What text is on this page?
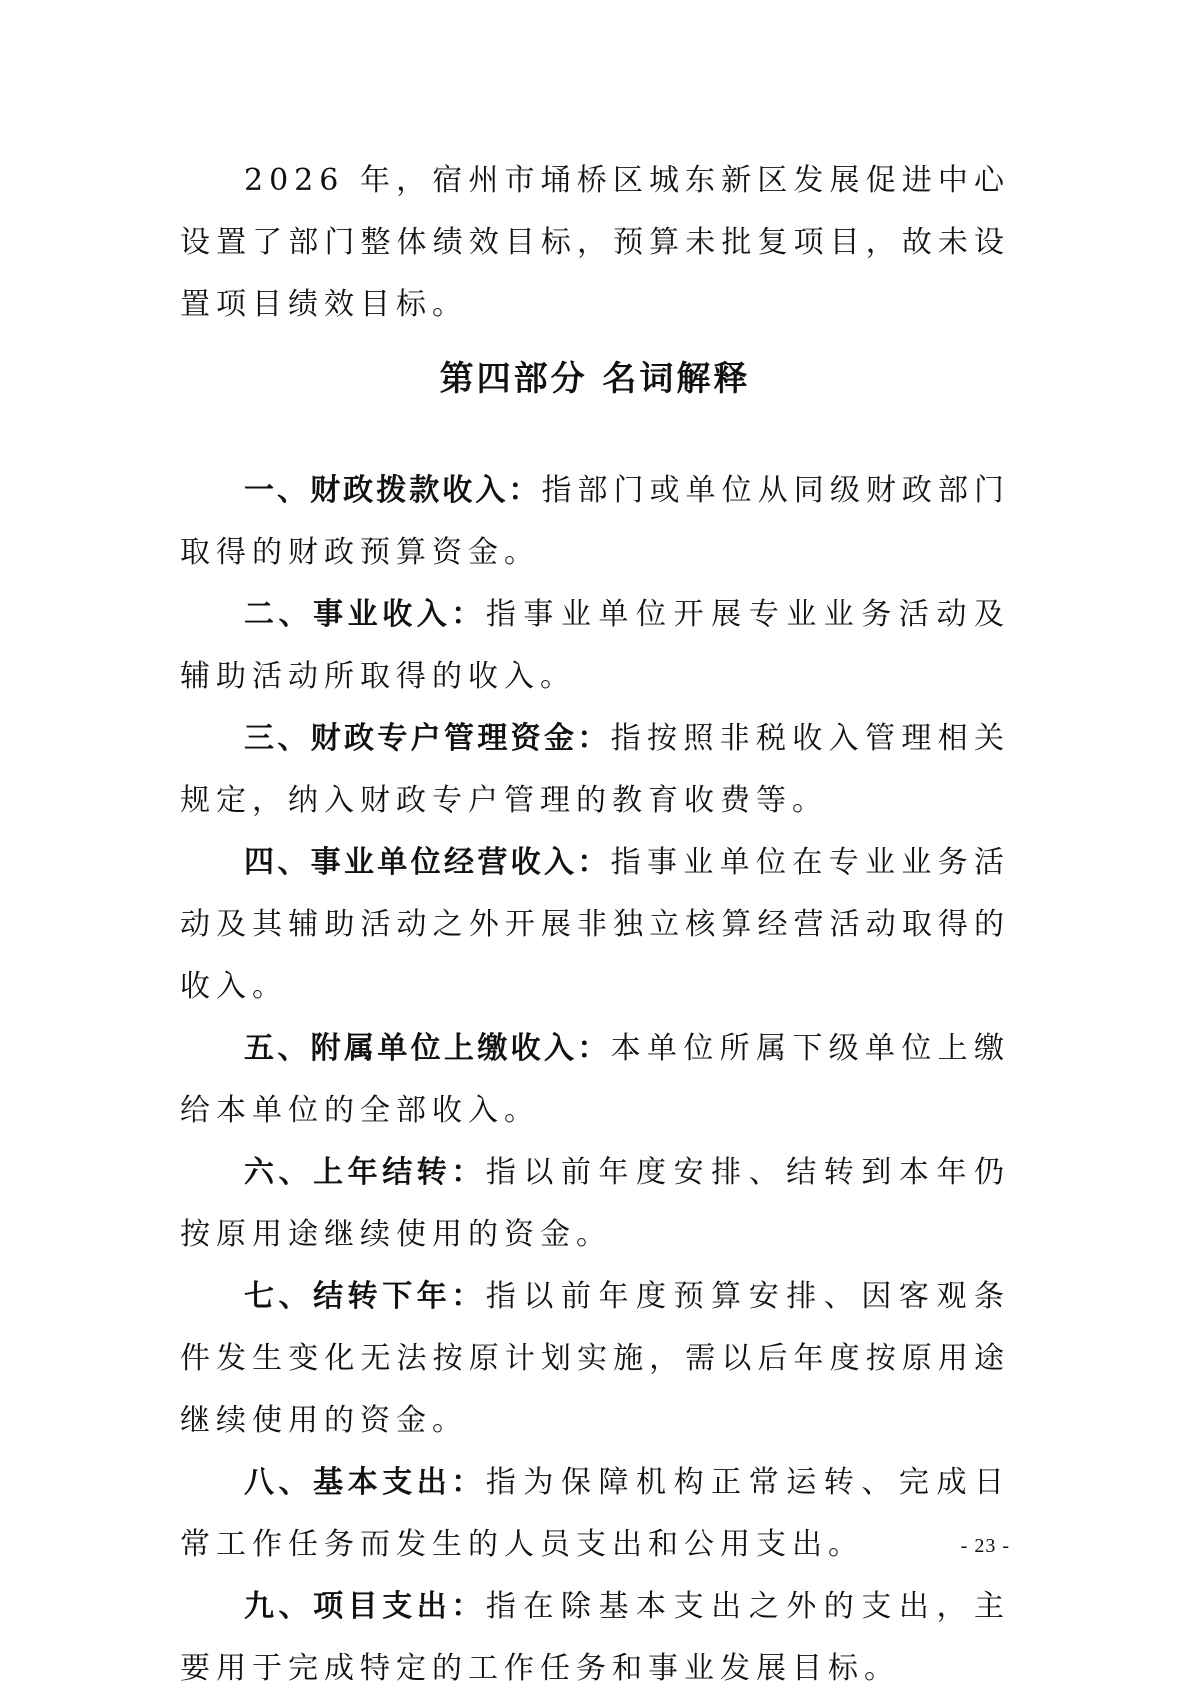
2026 年，宿州市埇桥区城东新区发展促进中心设置了部门整体绩效目标，预算未批复项目，故未设置项目绩效目标。

第四部分 名词解释

一、财政拨款收入：指部门或单位从同级财政部门取得的财政预算资金。

二、事业收入：指事业单位开展专业业务活动及辅助活动所取得的收入。

三、财政专户管理资金：指按照非税收入管理相关规定，纳入财政专户管理的教育收费等。

四、事业单位经营收入：指事业单位在专业业务活动及其辅助活动之外开展非独立核算经营活动取得的收入。

五、附属单位上缴收入：本单位所属下级单位上缴给本单位的全部收入。

六、上年结转：指以前年度安排、结转到本年仍按原用途继续使用的资金。

七、结转下年：指以前年度预算安排、因客观条件发生变化无法按原计划实施，需以后年度按原用途继续使用的资金。

八、基本支出：指为保障机构正常运转、完成日常工作任务而发生的人员支出和公用支出。

九、项目支出：指在除基本支出之外的支出，主要用于完成特定的工作任务和事业发展目标。

- 23 -
